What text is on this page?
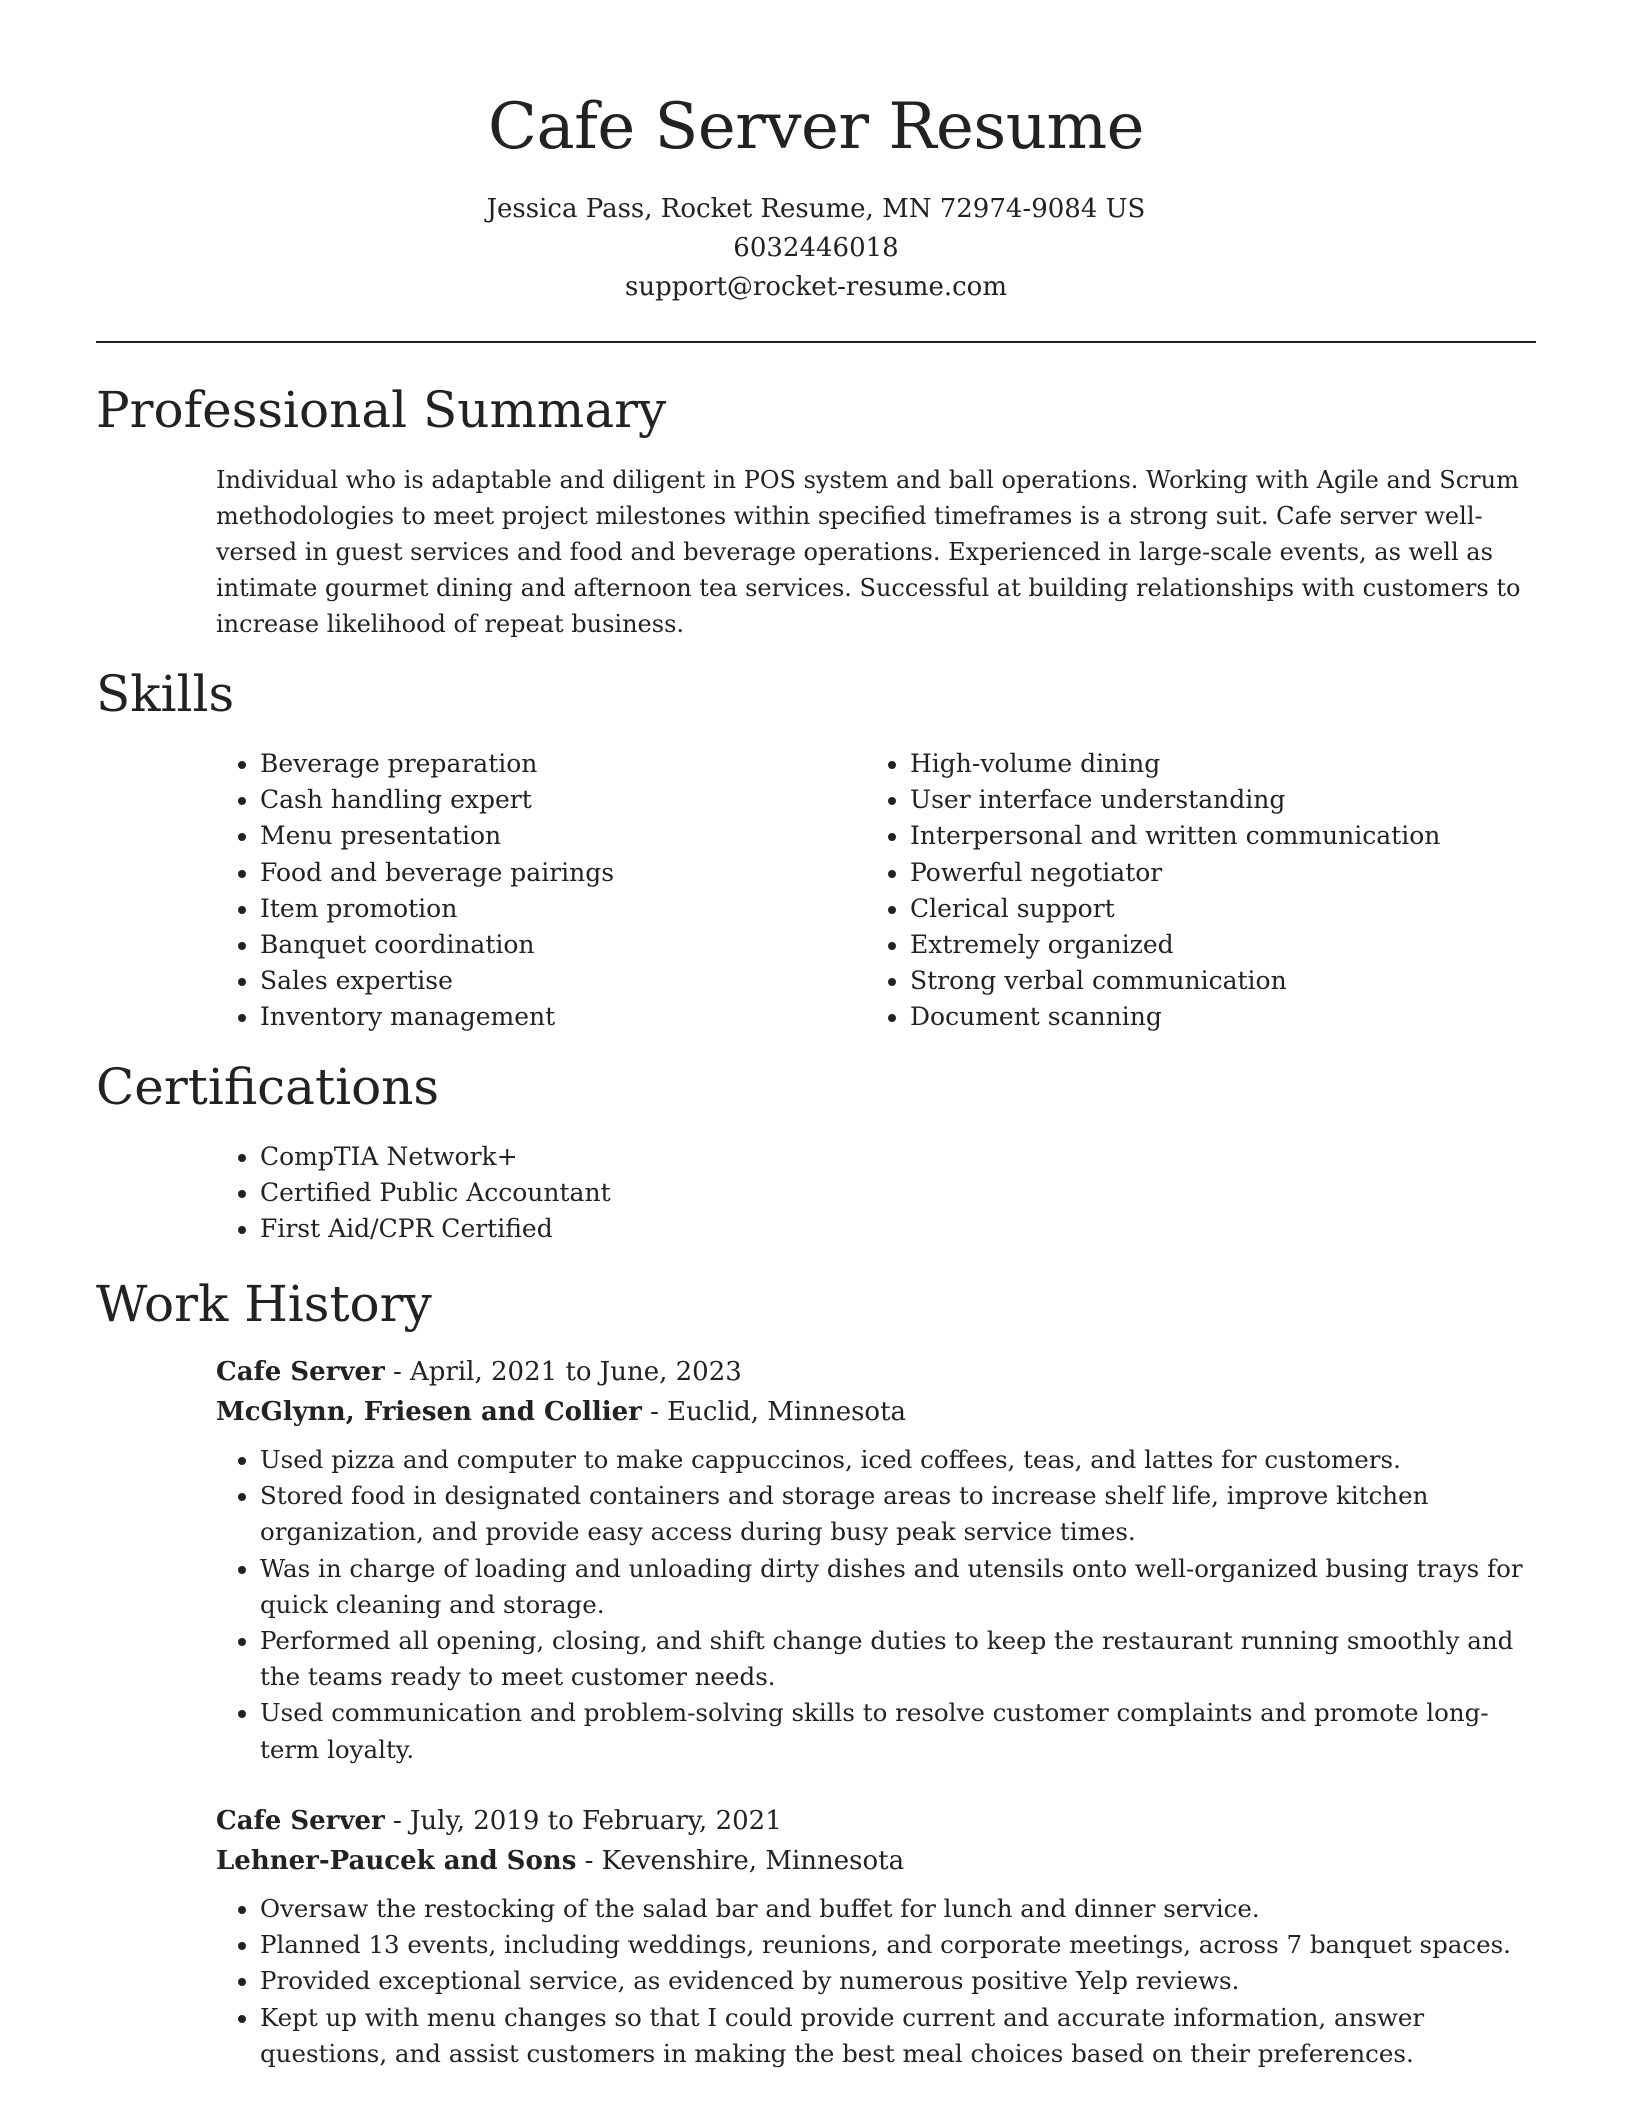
Cafe Server Resume
Jessica Pass, Rocket Resume, MN 72974-9084 US
6032446018
support@rocket-resume.com
Professional Summary

Individual who is adaptable and diligent in POS system and ball operations. Working with Agile and Scrum methodologies to meet project milestones within specified timeframes is a strong suit. Cafe server well-versed in guest services and food and beverage operations. Experienced in large-scale events, as well as intimate gourmet dining and afternoon tea services. Successful at building relationships with customers to increase likelihood of repeat business.

Skills
• Beverage preparation
• Cash handling expert
• Menu presentation
• Food and beverage pairings
• Item promotion
• Banquet coordination
• Sales expertise
• Inventory management
• High-volume dining
• User interface understanding
• Interpersonal and written communication
• Powerful negotiator
• Clerical support
• Extremely organized
• Strong verbal communication
• Document scanning
Certifications
• CompTIA Network+
• Certified Public Accountant
• First Aid/CPR Certified
Work History

Cafe Server - April, 2021 to June, 2023

McGlynn, Friesen and Collier - Euclid, Minnesota

• Used pizza and computer to make cappuccinos, iced coffees, teas, and lattes for customers.
• Stored food in designated containers and storage areas to increase shelf life, improve kitchen organization, and provide easy access during busy peak service times.
• Was in charge of loading and unloading dirty dishes and utensils onto well-organized busing trays for quick cleaning and storage.
• Performed all opening, closing, and shift change duties to keep the restaurant running smoothly and the teams ready to meet customer needs.
• Used communication and problem-solving skills to resolve customer complaints and promote long-term loyalty.

Cafe Server - July, 2019 to February, 2021

Lehner-Paucek and Sons - Kevenshire, Minnesota

• Oversaw the restocking of the salad bar and buffet for lunch and dinner service.
• Planned 13 events, including weddings, reunions, and corporate meetings, across 7 banquet spaces.
• Provided exceptional service, as evidenced by numerous positive Yelp reviews.
• Kept up with menu changes so that I could provide current and accurate information, answer questions, and assist customers in making the best meal choices based on their preferences.
